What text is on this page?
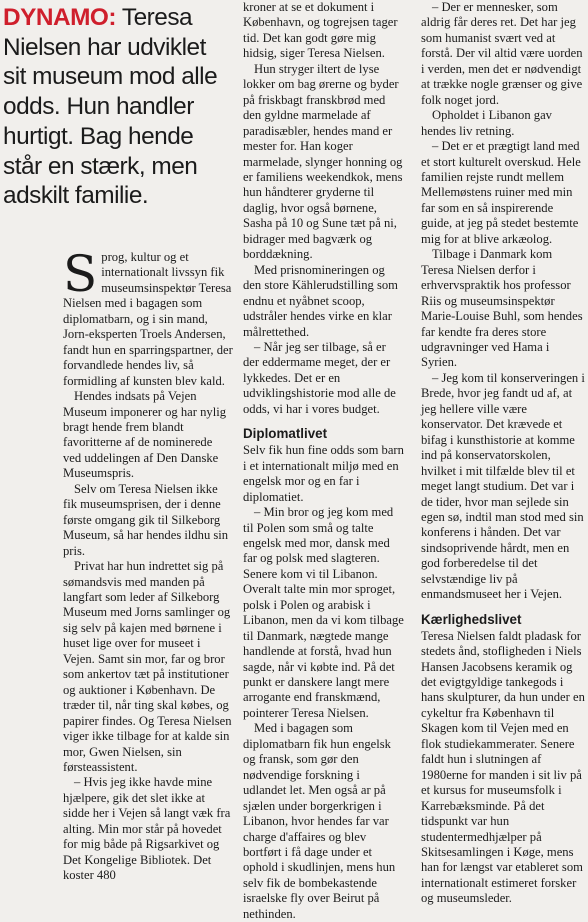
DYNAMO: Teresa Nielsen har udviklet sit museum mod alle odds. Hun handler hurtigt. Bag hende står en stærk, men adskilt familie.

Sprog, kultur og et internationalt livssyn fik museumsinspektør Teresa Nielsen med i bagagen som diplomatbarn, og i sin mand, Jorn-eksperten Troels Andersen, fandt hun en sparringspartner, der forvandlede hendes liv, så formidling af kunsten blev kald.

Hendes indsats på Vejen Museum imponerer og har nylig bragt hende frem blandt favoritterne af de nominerede ved uddelingen af Den Danske Museumspris.

Selv om Teresa Nielsen ikke fik museumsprisen, der i denne første omgang gik til Silkeborg Museum, så har hendes ildhu sin pris.

Privat har hun indrettet sig på sømandsvis med manden på langfart som leder af Silkeborg Museum med Jorns samlinger og sig selv på kajen med børnene i huset lige over for museet i Vejen. Samt sin mor, far og bror som ankertov tæt på institutioner og auktioner i København. De træder til, når ting skal købes, og papirer findes. Og Teresa Nielsen viger ikke tilbage for at kalde sin mor, Gwen Nielsen, sin førsteassistent.

– Hvis jeg ikke havde mine hjælpere, gik det slet ikke at sidde her i Vejen så langt væk fra alting. Min mor står på hovedet for mig både på Rigsarkivet og Det Kongelige Bibliotek. Det koster 480

kroner at se et dokument i København, og togrejsen tager tid. Det kan godt gøre mig hidsig, siger Teresa Nielsen.

Hun stryger iltert de lyse lokker om bag ørerne og byder på friskbagt franskbrød med den gyldne marmelade af paradisæbler, hendes mand er mester for. Han koger marmelade, slynger honning og er familiens weekendkok, mens hun håndterer gryderne til daglig, hvor også børnene, Sasha på 10 og Sune tæt på ni, bidrager med bagværk og borddækning.

Med prisnomineringen og den store Kählerudstilling som endnu et nyåbnet scoop, udstråler hendes virke en klar målrettethed.

– Når jeg ser tilbage, så er der eddermame meget, der er lykkedes. Det er en udviklingshistorie mod alle de odds, vi har i vores budget.

Diplomatlivet

Selv fik hun fine odds som barn i et internationalt miljø med en engelsk mor og en far i diplomatiet.

– Min bror og jeg kom med til Polen som små og talte engelsk med mor, dansk med far og polsk med slagteren. Senere kom vi til Libanon. Overalt talte min mor sproget, polsk i Polen og arabisk i Libanon, men da vi kom tilbage til Danmark, nægtede mange handlende at forstå, hvad hun sagde, når vi købte ind. På det punkt er danskere langt mere arrogante end franskmænd, pointerer Teresa Nielsen.

Med i bagagen som diplomatbarn fik hun engelsk og fransk, som gør den nødvendige forskning i udlandet let. Men også ar på sjælen under borgerkrigen i Libanon, hvor hendes far var charge d'affaires og blev bortført i få dage under et ophold i skudlinjen, mens hun selv fik de bombekastende israelske fly over Beirut på nethinden.

– Der er mennesker, som aldrig får deres ret. Det har jeg som humanist svært ved at forstå. Der vil altid være uorden i verden, men det er nødvendigt at trække nogle grænser og give folk noget jord.

Opholdet i Libanon gav hendes liv retning.

– Det er et prægtigt land med et stort kulturelt overskud. Hele familien rejste rundt mellem Mellemøstens ruiner med min far som en så inspirerende guide, at jeg på stedet bestemte mig for at blive arkæolog.

Tilbage i Danmark kom Teresa Nielsen derfor i erhvervspraktik hos professor Riis og museumsinspektør Marie-Louise Buhl, som hendes far kendte fra deres store udgravninger ved Hama i Syrien.

– Jeg kom til konserveringen i Brede, hvor jeg fandt ud af, at jeg hellere ville være konservator. Det krævede et bifag i kunsthistorie at komme ind på konservatorskolen, hvilket i mit tilfælde blev til et meget langt studium. Det var i de tider, hvor man sejlede sin egen sø, indtil man stod med sin konferens i hånden. Det var sindsoprivende hårdt, men en god forberedelse til det selvstændige liv på enmandsmuseet her i Vejen.

Kærlighedslivet

Teresa Nielsen faldt pladask for stedets ånd, stofligheden i Niels Hansen Jacobsens keramik og det evigtgyldige tankegods i hans skulpturer, da hun under en cykeltur fra København til Skagen kom til Vejen med en flok studiekammerater. Senere faldt hun i slutningen af 1980erne for manden i sit liv på et kursus for museumsfolk i Karrebæksminde. På det tidspunkt var hun studentermedhjælper på Skitsesamlingen i Køge, mens han for længst var etableret som internationalt estimeret forsker og museumsleder.
